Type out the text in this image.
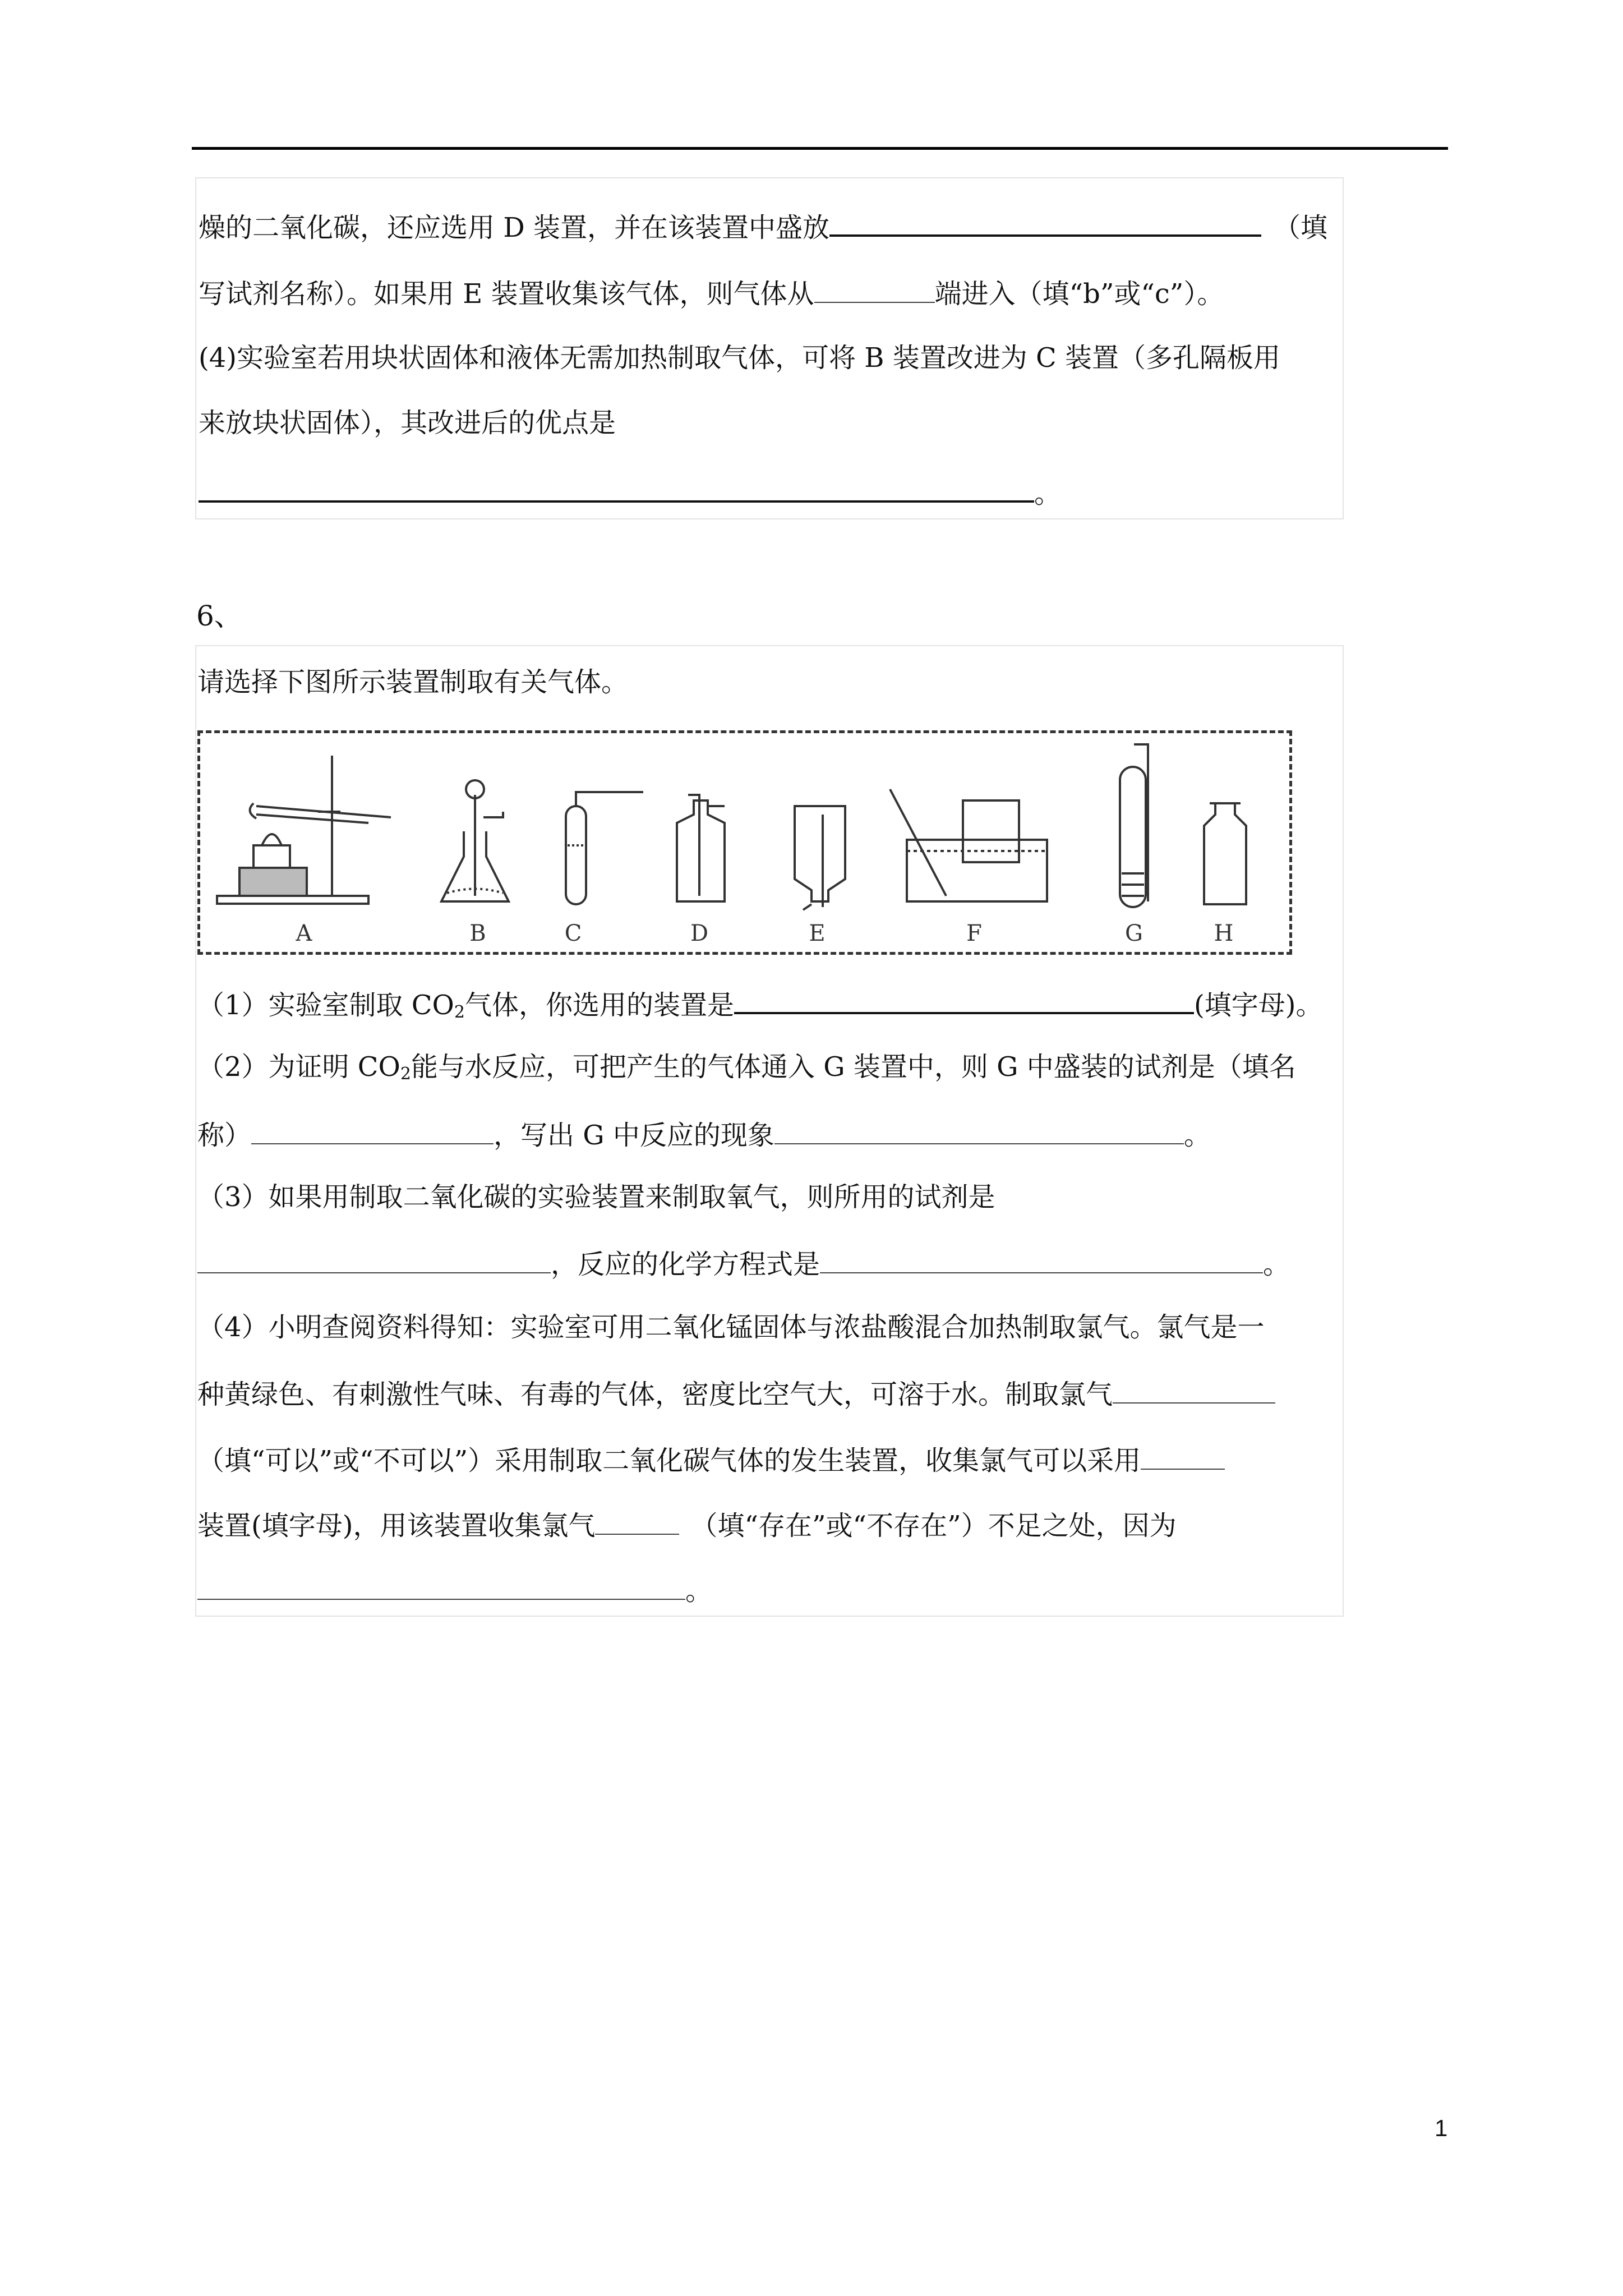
燥的二氧化碳，还应选用 D 装置，并在该装置中盛放	（填
写试剂名称）。如果用 E 装置收集该气体，则气体从	端进入（填“b”或“c”）。
(4)实验室若用块状固体和液体无需加热制取气体，可将 B 装置改进为 C 装置（多孔隔板用
来放块状固体），其改进后的优点是
。
6、
请选择下图所示装置制取有关气体。
A	B	C	D	E	F	G	H
（1）实验室制取 $CO_2$气体，你选用的装置是	(填字母)。
（2）为证明 $CO_2$能与水反应，可把产生的气体通入 G 装置中，则 G 中盛装的试剂是（填名
称）	，写出 G 中反应的现象	。
（3）如果用制取二氧化碳的实验装置来制取氧气，则所用的试剂是
，反应的化学方程式是	。
（4）小明查阅资料得知：实验室可用二氧化锰固体与浓盐酸混合加热制取氯气。氯气是一
种黄绿色、有刺激性气味、有毒的气体，密度比空气大，可溶于水。制取氯气
（填“可以”或“不可以”）采用制取二氧化碳气体的发生装置，收集氯气可以采用
装置(填字母)，用该装置收集氯气	（填“存在”或“不存在”）不足之处，因为
。
1
